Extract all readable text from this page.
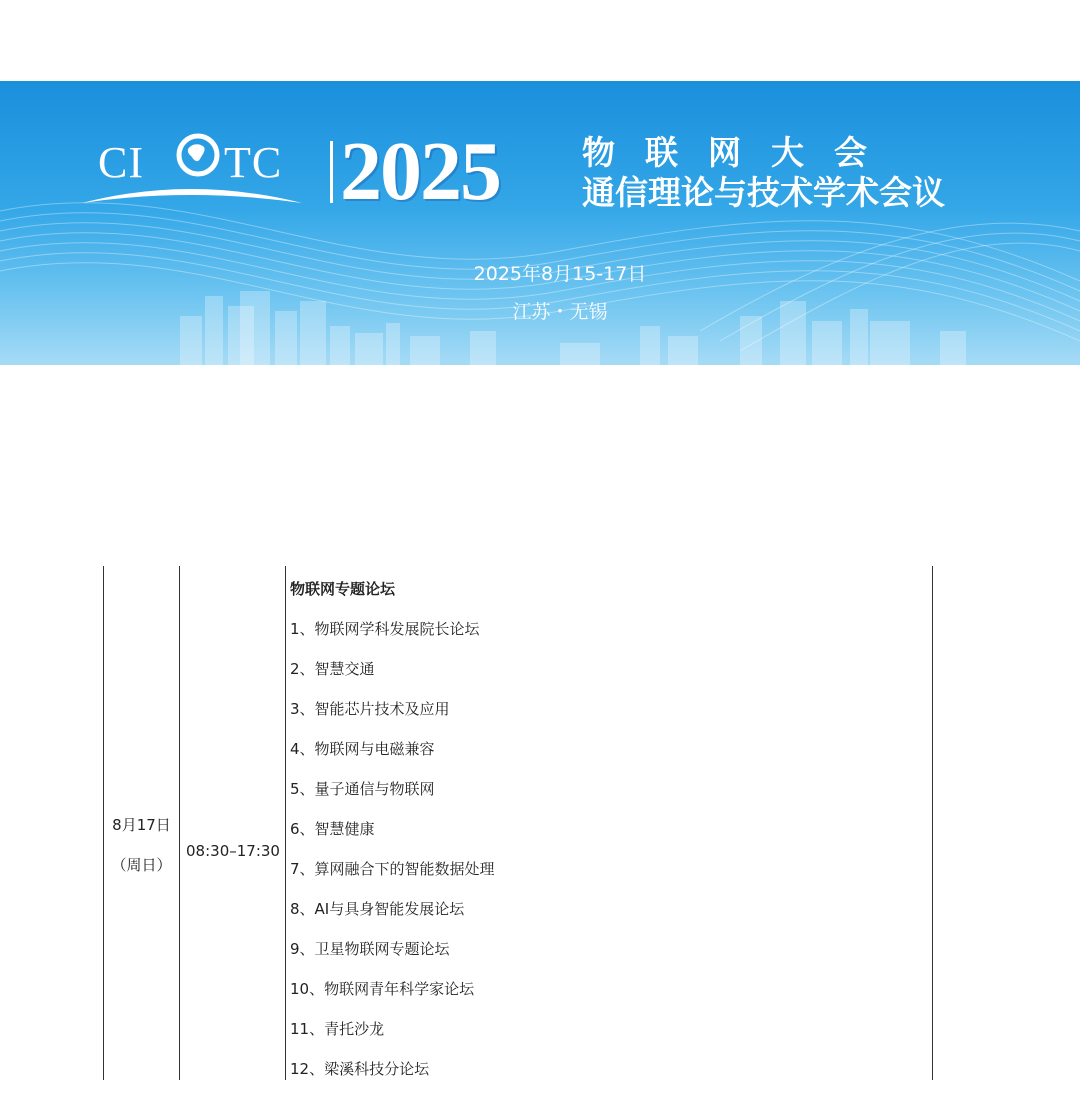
CI TC 2025 物联网大会
通信理论与技术学术会议
2025年8月15-17日
江苏・无锡
8月17日
（周日）
08:30–17:30
物联网专题论坛
1、物联网学科发展院长论坛
2、智慧交通
3、智能芯片技术及应用
4、物联网与电磁兼容
5、量子通信与物联网
6、智慧健康
7、算网融合下的智能数据处理
8、AI与具身智能发展论坛
9、卫星物联网专题论坛
10、物联网青年科学家论坛
11、青托沙龙
12、梁溪科技分论坛
